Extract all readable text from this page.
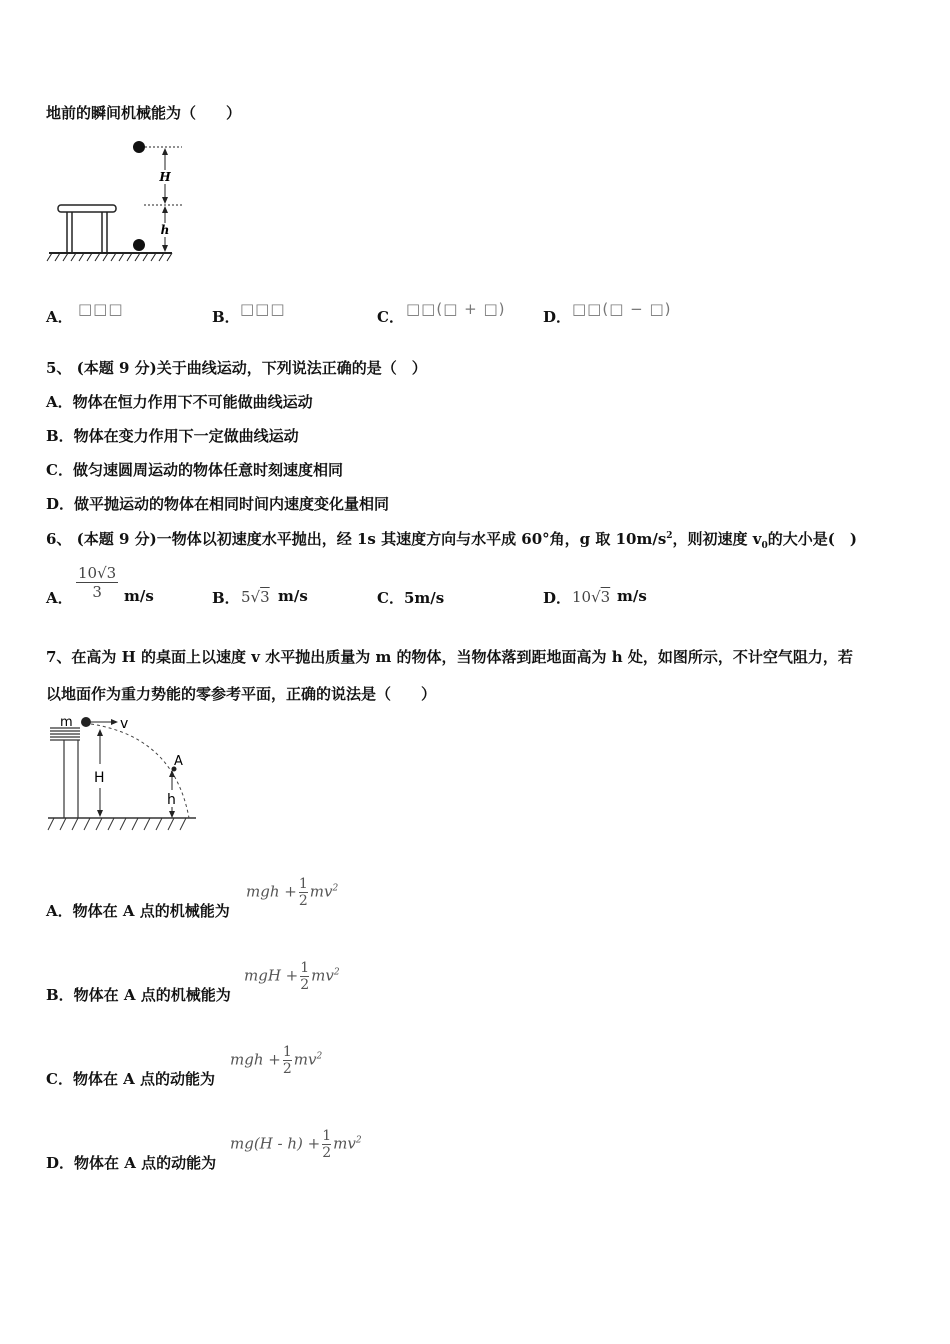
地前的瞬间机械能为（　　）
H
h
A． □□□	B． □□□	C． □□(□ + □)	D． □□(□ − □)
5、 (本题 9 分)关于曲线运动，下列说法正确的是（　）
A．物体在恒力作用下不可能做曲线运动
B．物体在变力作用下一定做曲线运动
C．做匀速圆周运动的物体任意时刻速度相同
D．做平抛运动的物体在相同时间内速度变化量相同
6、 (本题 9 分)一物体以初速度水平抛出，经 1s 其速度方向与水平成 60°角，g 取 $10m/s^2$，则初速度 $v_0$的大小是(　)
A． $\frac{10√3}{3} m/s$	B． 5√3 m/s	C．5m/s	D． 10√3 m/s
7、在高为 H 的桌面上以速度 v 水平抛出质量为 m 的物体，当物体落到距地面高为 h 处，如图所示，不计空气阻力，若
以地面作为重力势能的零参考平面，正确的说法是（　　）
m	v
A
H
h
A．物体在 A 点的机械能为
mgh + $\frac{1}{2} mv^2$
B．物体在 A 点的机械能为
mgH + $\frac{1}{2} mv^2$
C．物体在 A 点的动能为
mgh + $\frac{1}{2} mv^2$
D．物体在 A 点的动能为
$mg(H - h) + \frac{1}{2} mv^2$
